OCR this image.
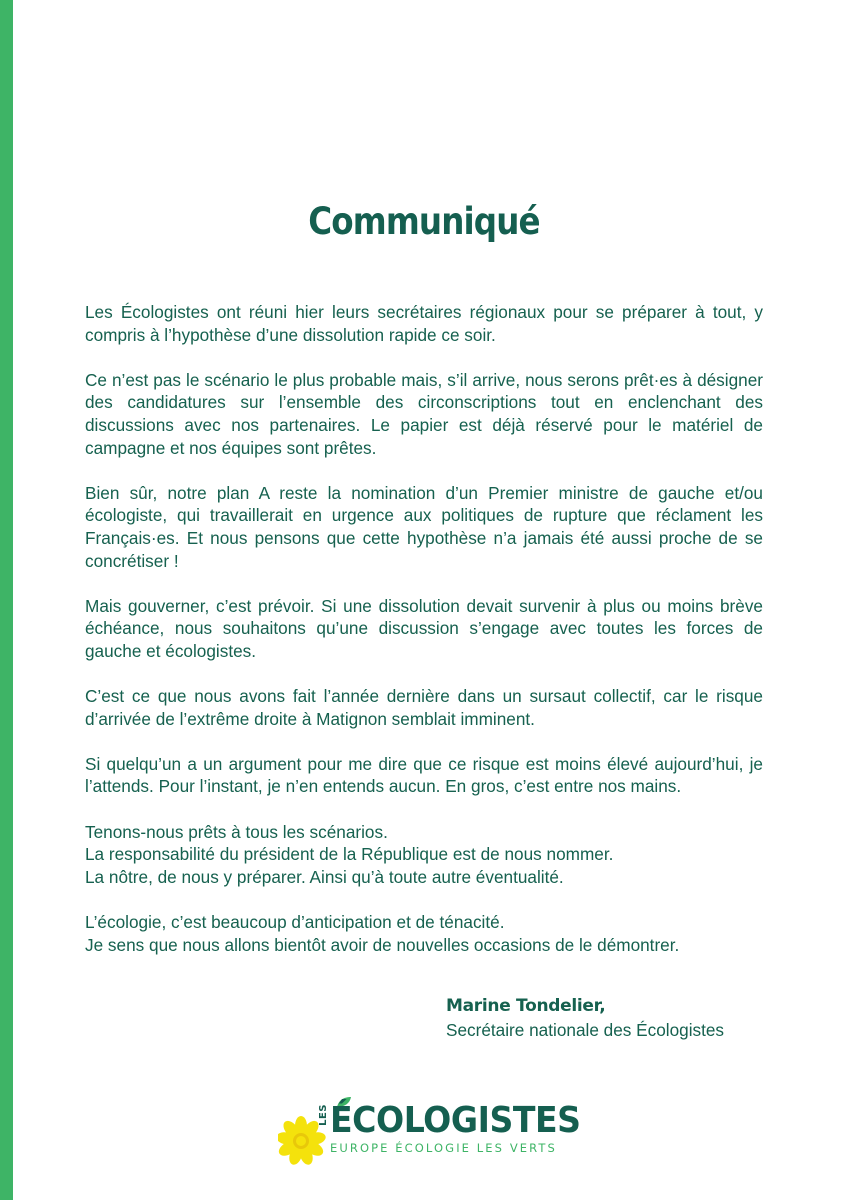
Communiqué

Les Écologistes ont réuni hier leurs secrétaires régionaux pour se préparer à tout, y compris à l’hypothèse d’une dissolution rapide ce soir.

Ce n’est pas le scénario le plus probable mais, s’il arrive, nous serons prêt·es à désigner des candidatures sur l’ensemble des circonscriptions tout en enclenchant des discussions avec nos partenaires. Le papier est déjà réservé pour le matériel de campagne et nos équipes sont prêtes.

Bien sûr, notre plan A reste la nomination d’un Premier ministre de gauche et/ou écologiste, qui travaillerait en urgence aux politiques de rupture que réclament les Français·es. Et nous pensons que cette hypothèse n’a jamais été aussi proche de se concrétiser !

Mais gouverner, c’est prévoir. Si une dissolution devait survenir à plus ou moins brève échéance, nous souhaitons qu’une discussion s’engage avec toutes les forces de gauche et écologistes.

C’est ce que nous avons fait l’année dernière dans un sursaut collectif, car le risque d’arrivée de l’extrême droite à Matignon semblait imminent.

Si quelqu’un a un argument pour me dire que ce risque est moins élevé aujourd’hui, je l’attends. Pour l’instant, je n’en entends aucun. En gros, c’est entre nos mains.

Tenons-nous prêts à tous les scénarios.
La responsabilité du président de la République est de nous nommer.
La nôtre, de nous y préparer. Ainsi qu’à toute autre éventualité.

L’écologie, c’est beaucoup d’anticipation et de ténacité.
Je sens que nous allons bientôt avoir de nouvelles occasions de le démontrer.

Marine Tondelier,
Secrétaire nationale des Écologistes
LES ÉCOLOGISTES
EUROPE ÉCOLOGIE LES VERTS
